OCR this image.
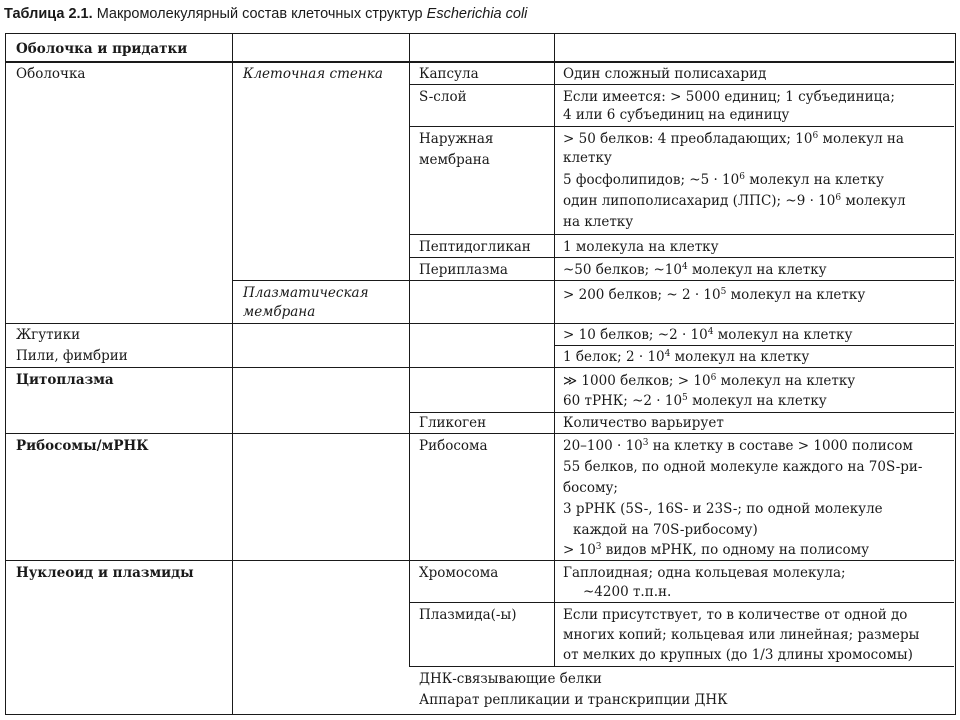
Таблица 2.1. Макромолекулярный состав клеточных структур Escherichia coli
Оболочка и придатки
Оболочка
Жгутики
Пили, фимбрии
Цитоплазма
Рибосомы/мРНК
Нуклеоид и плазмиды
Клеточная стенка
Плазматическая
мембрана
Капсула
S-слой
Наружная
мембрана
Пептидогликан
Периплазма
Гликоген
Рибосома
Хромосома
Плазмида(-ы)
ДНК-связывающие белки
Аппарат репликации и транскрипции ДНК
Один сложный полисахарид
Если имеется: > 5000 единиц; 1 субъединица;
4 или 6 субъединиц на единицу
> 50 белков: 4 преобладающих; $10^6$ молекул на
клетку
5 фосфолипидов; ~5 · $10^6$ молекул на клетку
один липополисахарид (ЛПС); ~9 · $10^6$ молекул
на клетку
1 молекула на клетку
~50 белков; $\sim 10^4$ молекул на клетку
> 200 белков; ~ $2 \cdot 10^5$ молекул на клетку
> 10 белков; ~2 · $10^4$ молекул на клетку
1 белок; $2 \cdot 10^4$ молекул на клетку
≫ 1000 белков; > $10^6$ молекул на клетку
60 тРНК; ~2 · $10^5$ молекул на клетку
Количество варьирует
$20-100 \cdot 10^3$ на клетку в составе > 1000 полисом
55 белков, по одной молекуле каждого на 70S-ри-
босому;
3 рРНК (5S-, 16S- и 23S-; по одной молекуле
каждой на 70S-рибосому)
> $10^3$ видов мРНК, по одному на полисому
Гаплоидная; одна кольцевая молекула;
~4200 т.п.н.
Если присутствует, то в количестве от одной до
многих копий; кольцевая или линейная; размеры
от мелких до крупных (до 1/3 длины хромосомы)
